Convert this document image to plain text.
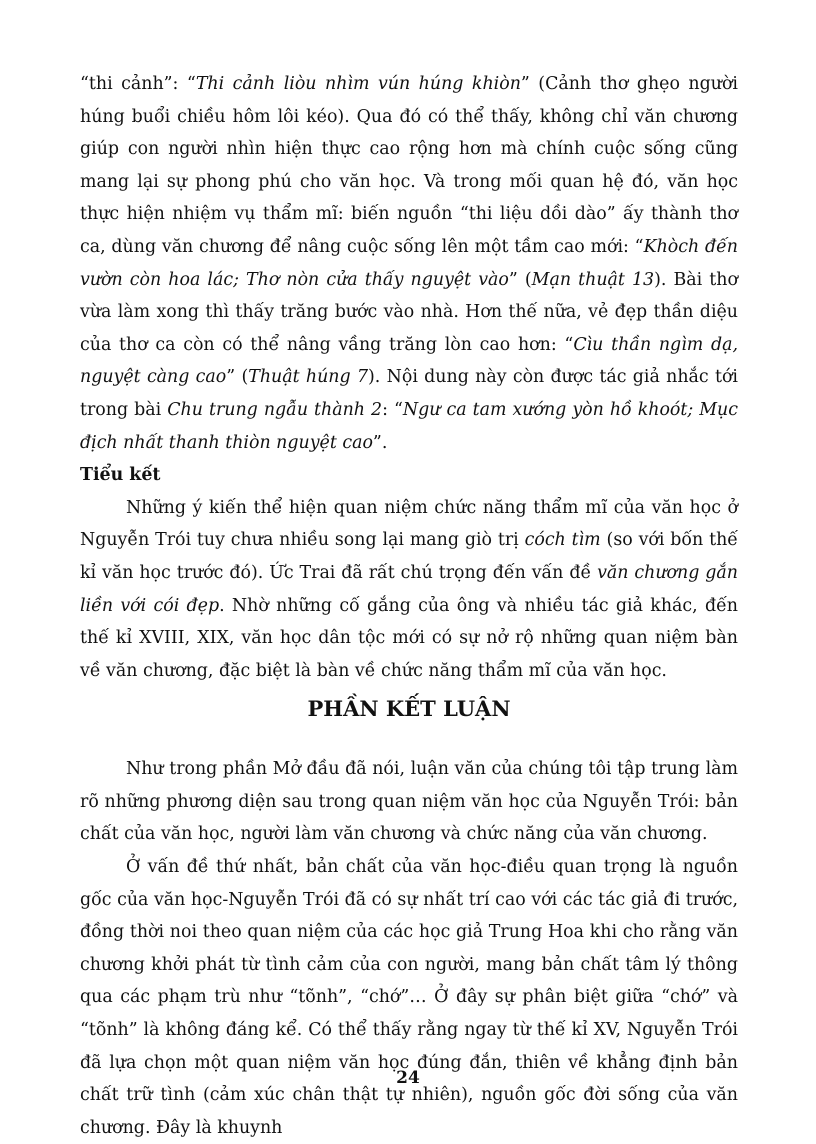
“thi cảnh”: “Thi cảnh liòu nhìm vún húng khiòn” (Cảnh thơ ghẹo người húng buổi chiều hôm lôi kéo). Qua đó có thể thấy, không chỉ văn chương giúp con người nhìn hiện thực cao rộng hơn mà chính cuộc sống cũng mang lại sự phong phú cho văn học. Và trong mối quan hệ đó, văn học thực hiện nhiệm vụ thẩm mĩ: biến nguồn “thi liệu dồi dào” ấy thành thơ ca, dùng văn chương để nâng cuộc sống lên một tầm cao mới: “Khòch đến vườn còn hoa lác; Thơ nòn cửa thấy nguyệt vào” (Mạn thuật 13). Bài thơ vừa làm xong thì thấy trăng bước vào nhà. Hơn thế nữa, vẻ đẹp thần diệu của thơ ca còn có thể nâng vầng trăng lòn cao hơn: “Cìu thần ngìm dạ, nguyệt càng cao” (Thuật húng 7). Nội dung này còn được tác giả nhắc tới trong bài Chu trung ngẫu thành 2: “Ngư ca tam xướng yòn hồ khoót; Mục địch nhất thanh thiòn nguyệt cao”.

Tiểu kết

Những ý kiến thể hiện quan niệm chức năng thẩm mĩ của văn học ở Nguyễn Trói tuy chưa nhiều song lại mang giò trị cóch tìm (so với bốn thế kỉ văn học trước đó). Ức Trai đã rất chú trọng đến vấn đề văn chương gắn liền với cói đẹp. Nhờ những cố gắng của ông và nhiều tác giả khác, đến thế kỉ XVIII, XIX, văn học dân tộc mới có sự nở rộ những quan niệm bàn về văn chương, đặc biệt là bàn về chức năng thẩm mĩ của văn học.

PHẦN KẾT LUẬN

Như trong phần Mở đầu đã nói, luận văn của chúng tôi tập trung làm rõ những phương diện sau trong quan niệm văn học của Nguyễn Trói: bản chất của văn học, người làm văn chương và chức năng của văn chương.

Ở vấn đề thứ nhất, bản chất của văn học-điều quan trọng là nguồn gốc của văn học-Nguyễn Trói đã có sự nhất trí cao với các tác giả đi trước, đồng thời noi theo quan niệm của các học giả Trung Hoa khi cho rằng văn chương khởi phát từ tình cảm của con người, mang bản chất tâm lý thông qua các phạm trù như “tõnh”, “chớ”… Ở đây sự phân biệt giữa “chớ” và “tõnh” là không đáng kể. Có thể thấy rằng ngay từ thế kỉ XV, Nguyễn Trói đã lựa chọn một quan niệm văn học đúng đắn, thiên về khẳng định bản chất trữ tình (cảm xúc chân thật tự nhiên), nguồn gốc đời sống của văn chương. Đây là khuynh

24
